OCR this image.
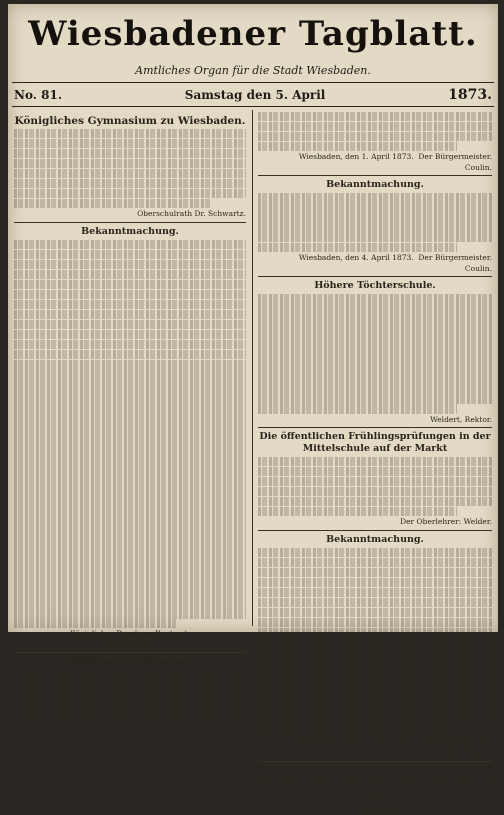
Wiesbadener Tagblatt.
Amtliches Organ für die Stadt Wiesbaden.
No. 81.	Samstag den 5. April	1873.
Königliches Gymnasium zu Wiesbaden.
Oberschulrath Dr. Schwartz.
Bekanntmachung.
Königliches Domänen-Rentamt.
Reichmann.
Mobilien-Versteigerung.
Wiesbaden, den 1. April 1873. Der Bürgermeister.
Coulin.
Bekanntmachung.
Wiesbaden, den 4. April 1873. Der Bürgermeister.
Coulin.
Höhere Töchterschule.
Weldert, Rektor.
Die öffentlichen Frühlingsprüfungen in der Mittelschule auf der Markt
Der Oberlehrer: Welder.
Bekanntmachung.
Wiesbaden, den 1. April 1873. Der Bürgermeister.
Strintrauch.
1 Bett,
1 Nachtisch,
